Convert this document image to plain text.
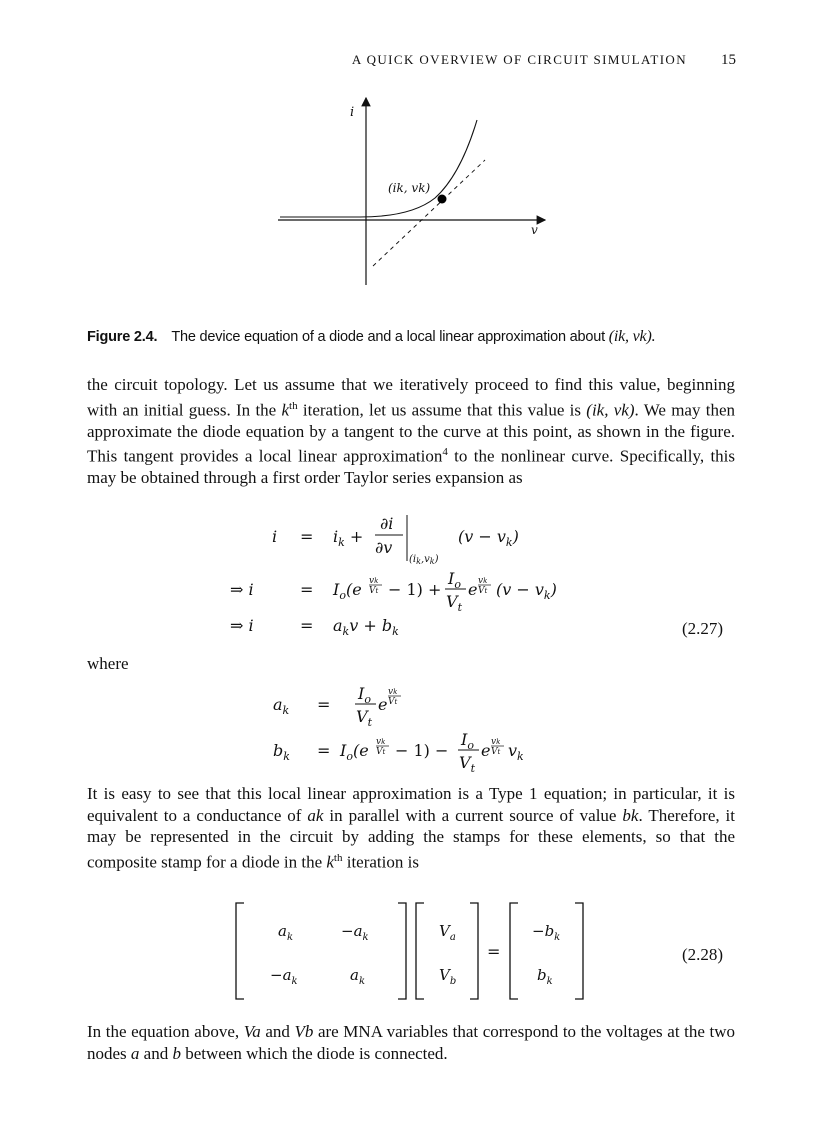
A QUICK OVERVIEW OF CIRCUIT SIMULATION 15
i
v
(ik, vk)
Figure 2.4. The device equation of a diode and a local linear approximation about (ik, vk).
the circuit topology. Let us assume that we iteratively proceed to find this value, beginning with an initial guess. In the $k^{th}$ iteration, let us assume that this value is (ik, vk). We may then approximate the diode equation by a tangent to the curve at this point, as shown in the figure. This tangent provides a local linear approximation$^4$ to the nonlinear curve. Specifically, this may be obtained through a first order Taylor series expansion as
$i = i_k$ +
∂i
∂v
$(i_k,v_k)$
$(v - v_k)$
⇒ i	= $I_o(e$ vk
Vt − 1) +
$I_o$
$V_t$
e vk
Vt $(v - v_k)$
⇒ i	= $a_kv + b_k$	(2.27)
where
$a_k$ =
$I_o$
$V_t$
e
vk
Vt
$b_k = I_o(e$ vk
Vt − 1) −
$I_o$
$V_t$
e vk
Vt $v_k$
It is easy to see that this local linear approximation is a Type 1 equation; in particular, it is equivalent to a conductance of ak in parallel with a current source of value bk. Therefore, it may be represented in the circuit by adding the stamps for these elements, so that the composite stamp for a diode in the $k^{th}$ iteration is
$a_k$	$-a_k$
$-a_k$	$a_k$
$V_a$
$V_b$
$-b_k$
$b_k$
=	(2.28)
In the equation above, Va and Vb are MNA variables that correspond to the voltages at the two nodes a and b between which the diode is connected.
